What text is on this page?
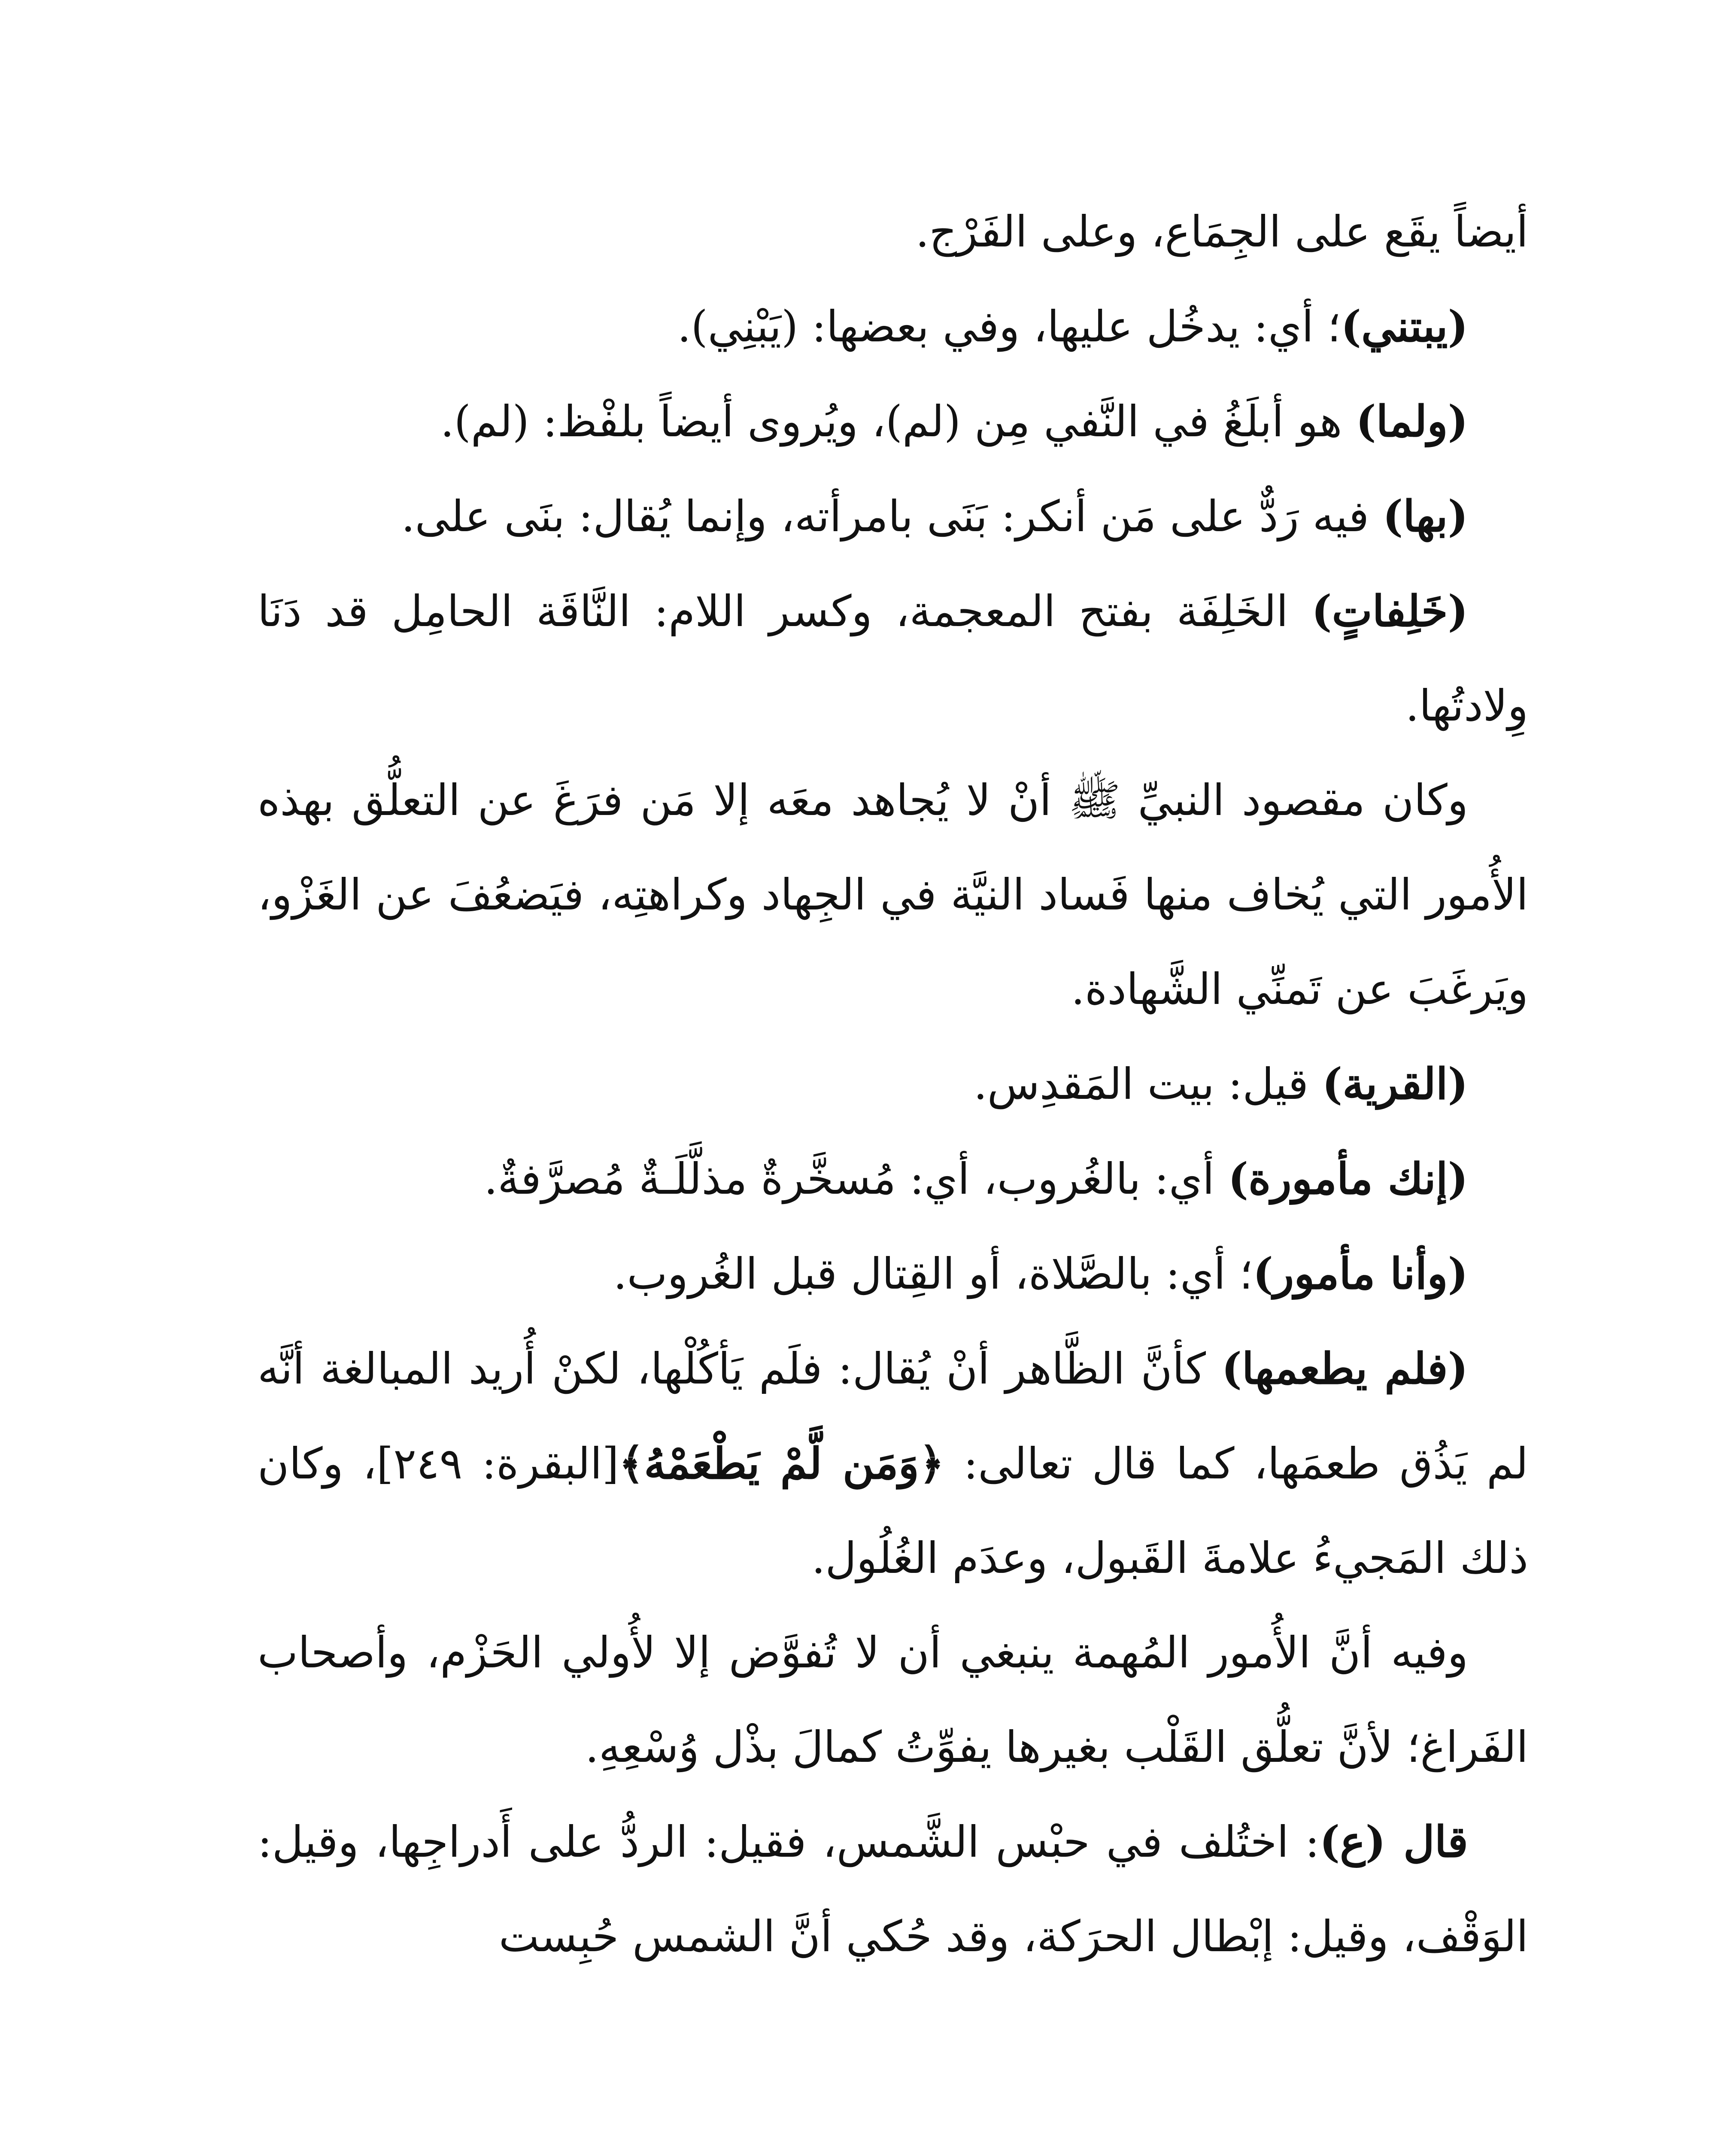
أيضاً يقَع على الجِمَاع، وعلى الفَرْج.

(يبتني)؛ أي: يدخُل عليها، وفي بعضها: (يَبْنِي).

(ولما) هو أبلَغُ في النَّفي مِن (لم)، ويُروى أيضاً بلفْظ: (لم).

(بها) فيه رَدٌّ على مَن أنكر: بَنَى بامرأته، وإنما يُقال: بنَى على.

(خَلِفاتٍ) الخَلِفَة بفتح المعجمة، وكسر اللام: النَّاقَة الحامِل قد دَنَا وِلادتُها.

وكان مقصود النبيِّ ﷺ أنْ لا يُجاهد معَه إلا مَن فرَغَ عن التعلُّق بهذه الأُمور التي يُخاف منها فَساد النيَّة في الجِهاد وكراهتِه، فيَضعُفَ عن الغَزْو، ويَرغَبَ عن تَمنِّي الشَّهادة.

(القرية) قيل: بيت المَقدِس.

(إنك مأمورة) أي: بالغُروب، أي: مُسخَّرةٌ مذلَّلَـةٌ مُصرَّفةٌ.

(وأنا مأمور)؛ أي: بالصَّلاة، أو القِتال قبل الغُروب.

(فلم يطعمها) كأنَّ الظَّاهر أنْ يُقال: فلَم يَأكُلْها، لكنْ أُريد المبالغة أنَّه لم يَذُق طعمَها، كما قال تعالى: ﴿وَمَن لَّمْ يَطْعَمْهُ﴾[البقرة: ٢٤٩]، وكان ذلك المَجيءُ علامةَ القَبول، وعدَم الغُلُول.

وفيه أنَّ الأُمور المُهمة ينبغي أن لا تُفوَّض إلا لأُولي الحَزْم، وأصحاب الفَراغ؛ لأنَّ تعلُّق القَلْب بغيرها يفوِّتُ كمالَ بذْل وُسْعِهِ.

قال (ع): اختُلف في حبْس الشَّمس، فقيل: الردُّ على أَدراجِها، وقيل: الوَقْف، وقيل: إبْطال الحرَكة، وقد حُكي أنَّ الشمس حُبِست
